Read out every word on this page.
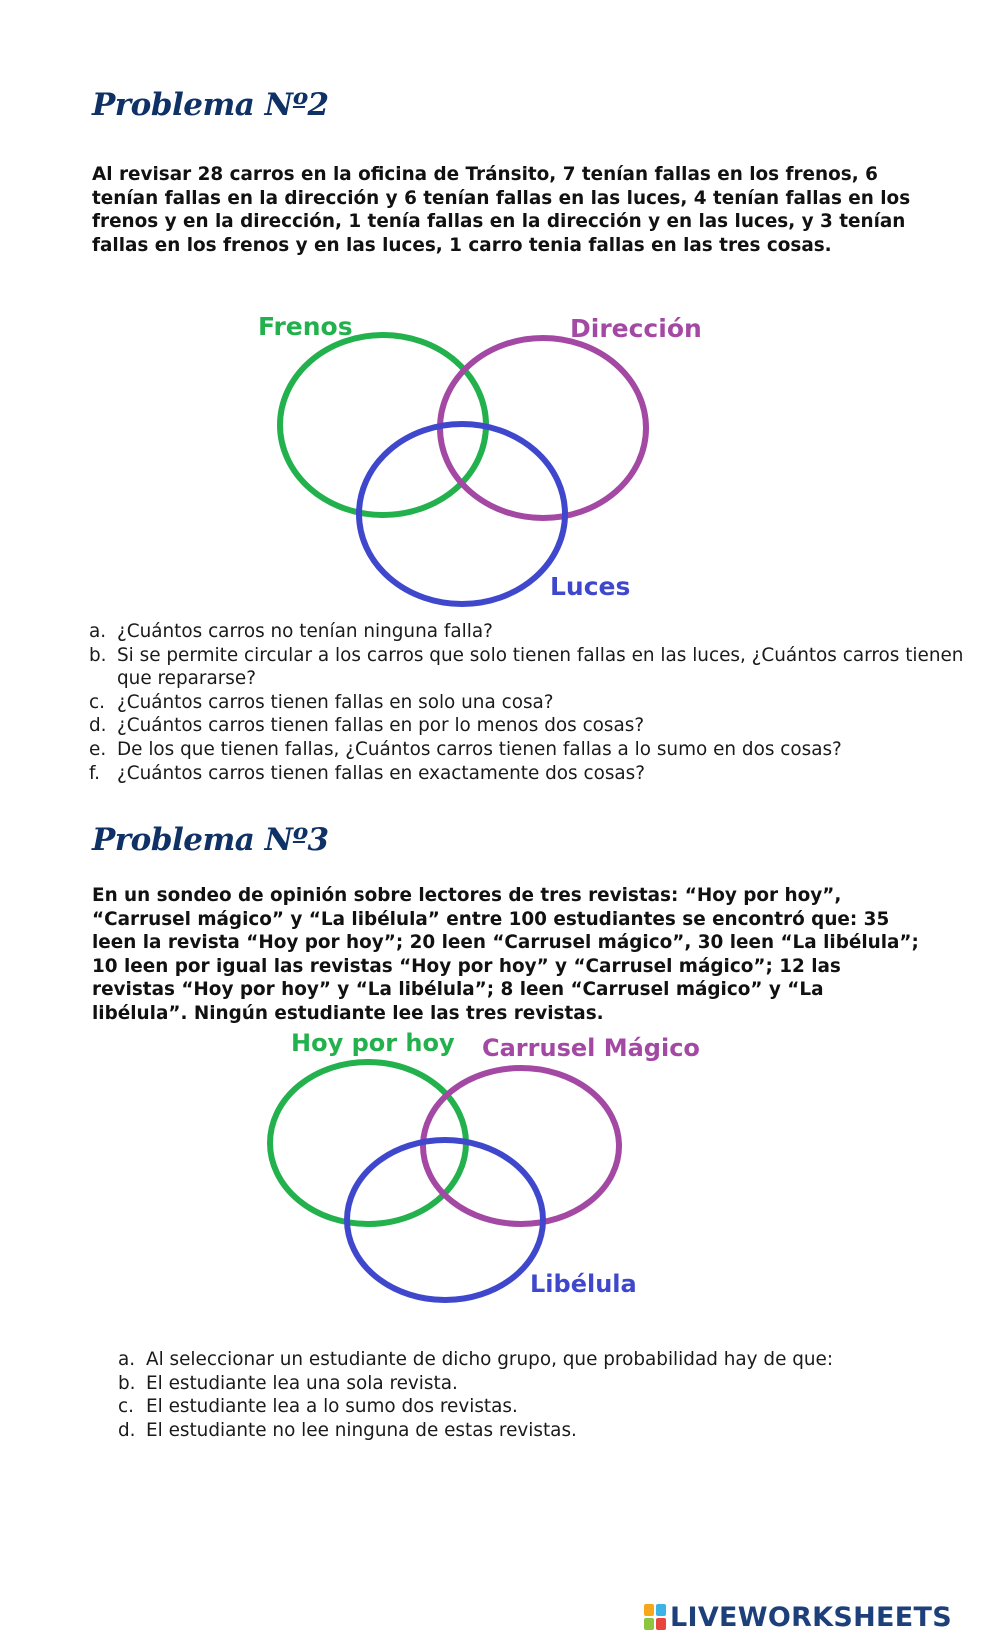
Problema Nº2

Al revisar 28 carros en la oficina de Tránsito, 7 tenían fallas en los frenos, 6 tenían fallas en la dirección y 6 tenían fallas en las luces, 4 tenían fallas en los frenos y en la dirección, 1 tenía fallas en la dirección y en las luces, y 3 tenían fallas en los frenos y en las luces, 1 carro tenia fallas en las tres cosas.

Frenos	Dirección
Luces
a. ¿Cuántos carros no tenían ninguna falla?
b. Si se permite circular a los carros que solo tienen fallas en las luces, ¿Cuántos carros tienen que repararse?
c. ¿Cuántos carros tienen fallas en solo una cosa?
d. ¿Cuántos carros tienen fallas en por lo menos dos cosas?
e. De los que tienen fallas, ¿Cuántos carros tienen fallas a lo sumo en dos cosas?
f. ¿Cuántos carros tienen fallas en exactamente dos cosas?
Problema Nº3

En un sondeo de opinión sobre lectores de tres revistas: “Hoy por hoy”, “Carrusel mágico” y “La libélula” entre 100 estudiantes se encontró que: 35 leen la revista “Hoy por hoy”; 20 leen “Carrusel mágico”, 30 leen “La libélula”; 10 leen por igual las revistas “Hoy por hoy” y “Carrusel mágico”; 12 las revistas “Hoy por hoy” y “La libélula”; 8 leen “Carrusel mágico” y “La libélula”. Ningún estudiante lee las tres revistas.

Hoy por hoy Carrusel Mágico
Libélula
a. Al seleccionar un estudiante de dicho grupo, que probabilidad hay de que:
b. El estudiante lea una sola revista.
c. El estudiante lea a lo sumo dos revistas.
d. El estudiante no lee ninguna de estas revistas.
LIVEWORKSHEETS
